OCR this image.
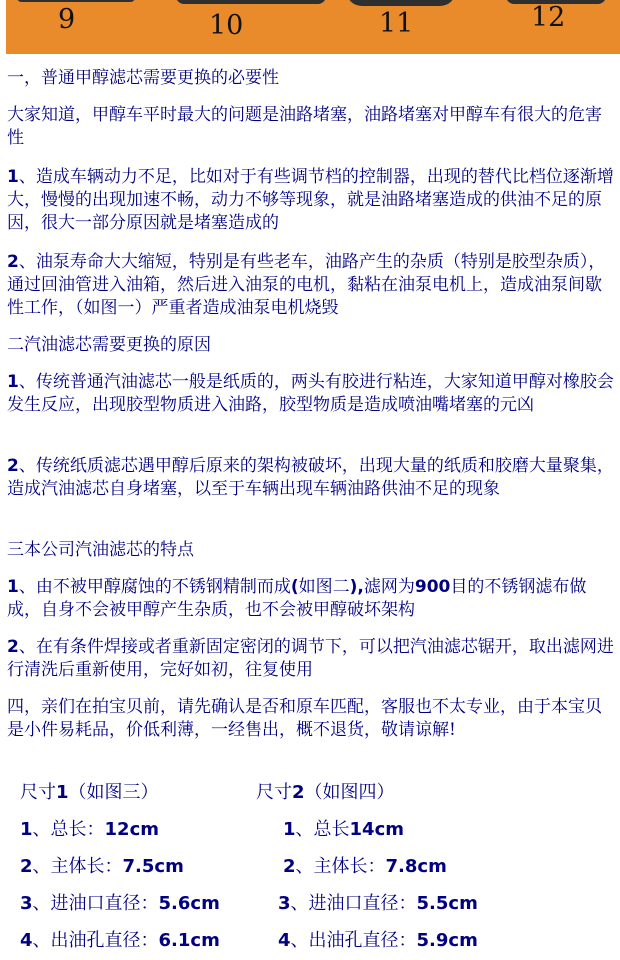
9	10	11	12

一，普通甲醇滤芯需要更换的必要性

大家知道，甲醇车平时最大的问题是油路堵塞，油路堵塞对甲醇车有很大的危害性

1、造成车辆动力不足，比如对于有些调节档的控制器，出现的替代比档位逐渐增大，慢慢的出现加速不畅，动力不够等现象，就是油路堵塞造成的供油不足的原因，很大一部分原因就是堵塞造成的

2、油泵寿命大大缩短，特别是有些老车，油路产生的杂质（特别是胶型杂质），通过回油管进入油箱，然后进入油泵的电机，黏粘在油泵电机上，造成油泵间歇性工作，（如图一）严重者造成油泵电机烧毁

二汽油滤芯需要更换的原因

1、传统普通汽油滤芯一般是纸质的，两头有胶进行粘连，大家知道甲醇对橡胶会发生反应，出现胶型物质进入油路，胶型物质是造成喷油嘴堵塞的元凶

2、传统纸质滤芯遇甲醇后原来的架构被破坏，出现大量的纸质和胶磨大量聚集，造成汽油滤芯自身堵塞，以至于车辆出现车辆油路供油不足的现象

三本公司汽油滤芯的特点

1、由不被甲醇腐蚀的不锈钢精制而成(如图二),滤网为900目的不锈钢滤布做成，自身不会被甲醇产生杂质，也不会被甲醇破坏架构

2、在有条件焊接或者重新固定密闭的调节下，可以把汽油滤芯锯开，取出滤网进行清洗后重新使用，完好如初，往复使用

四，亲们在拍宝贝前，请先确认是否和原车匹配，客服也不太专业，由于本宝贝是小件易耗品，价低利薄，一经售出，概不退货，敬请谅解!

尺寸1（如图三）
1、总长：12cm
2、主体长：7.5cm
3、进油口直径：5.6cm
4、出油孔直径：6.1cm
尺寸2（如图四）
1、总长14cm
2、主体长：7.8cm
3、进油口直径：5.5cm
4、出油孔直径：5.9cm
